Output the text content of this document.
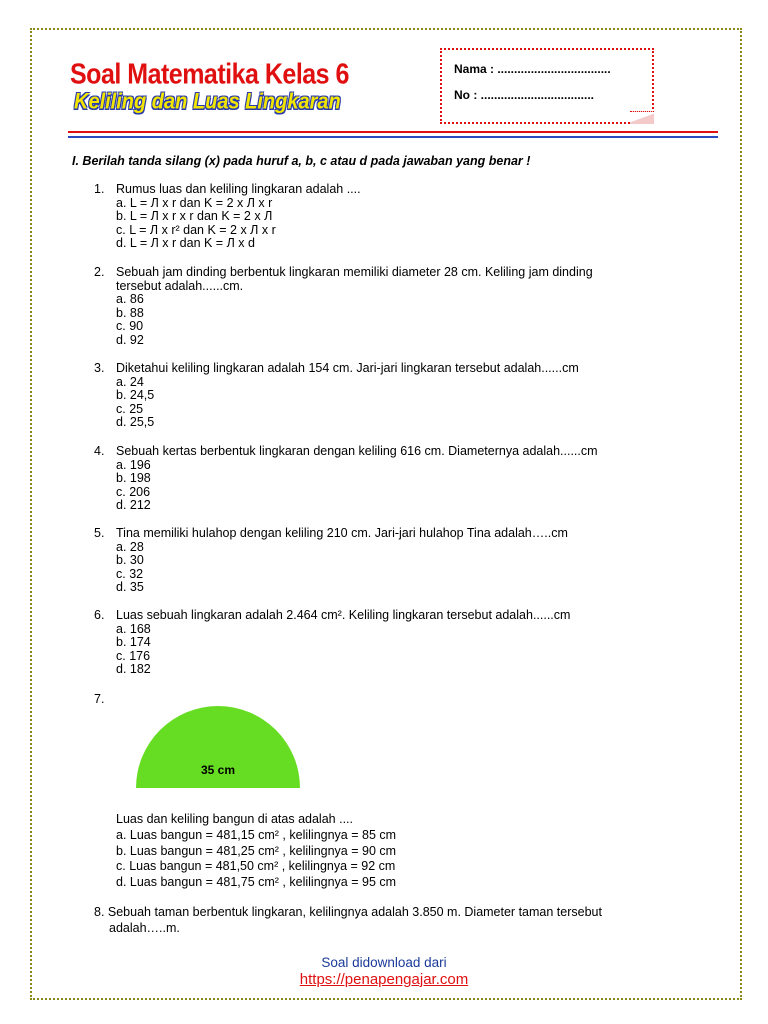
Soal Matematika Kelas 6
Keliling dan Luas Lingkaran
Nama : ..................................
No : ..................................
I. Berilah tanda silang (x) pada huruf a, b, c atau d pada jawaban yang benar !
1. Rumus luas dan keliling lingkaran adalah ....
a. L = Л x r dan K = 2 x Л x r
b. L = Л x r x r dan K = 2 x Л
c. L = Л x r² dan K = 2 x Л x r
d. L = Л x r dan K = Л x d
2. Sebuah jam dinding berbentuk lingkaran memiliki diameter 28 cm. Keliling jam dinding
tersebut adalah......cm.
a. 86
b. 88
c. 90
d. 92
3. Diketahui keliling lingkaran adalah 154 cm. Jari-jari lingkaran tersebut adalah......cm
a. 24
b. 24,5
c. 25
d. 25,5
4. Sebuah kertas berbentuk lingkaran dengan keliling 616 cm. Diameternya adalah......cm
a. 196
b. 198
c. 206
d. 212
5. Tina memiliki hulahop dengan keliling 210 cm. Jari-jari hulahop Tina adalah…..cm
a. 28
b. 30
c. 32
d. 35
6. Luas sebuah lingkaran adalah 2.464 cm². Keliling lingkaran tersebut adalah......cm
a. 168
b. 174
c. 176
d. 182
7.
35 cm
Luas dan keliling bangun di atas adalah ....
a. Luas bangun = 481,15 cm² , kelilingnya = 85 cm
b. Luas bangun = 481,25 cm² , kelilingnya = 90 cm
c. Luas bangun = 481,50 cm² , kelilingnya = 92 cm
d. Luas bangun = 481,75 cm² , kelilingnya = 95 cm
8. Sebuah taman berbentuk lingkaran, kelilingnya adalah 3.850 m. Diameter taman tersebut
adalah…..m.
Soal didownload dari
https://penapengajar.com
